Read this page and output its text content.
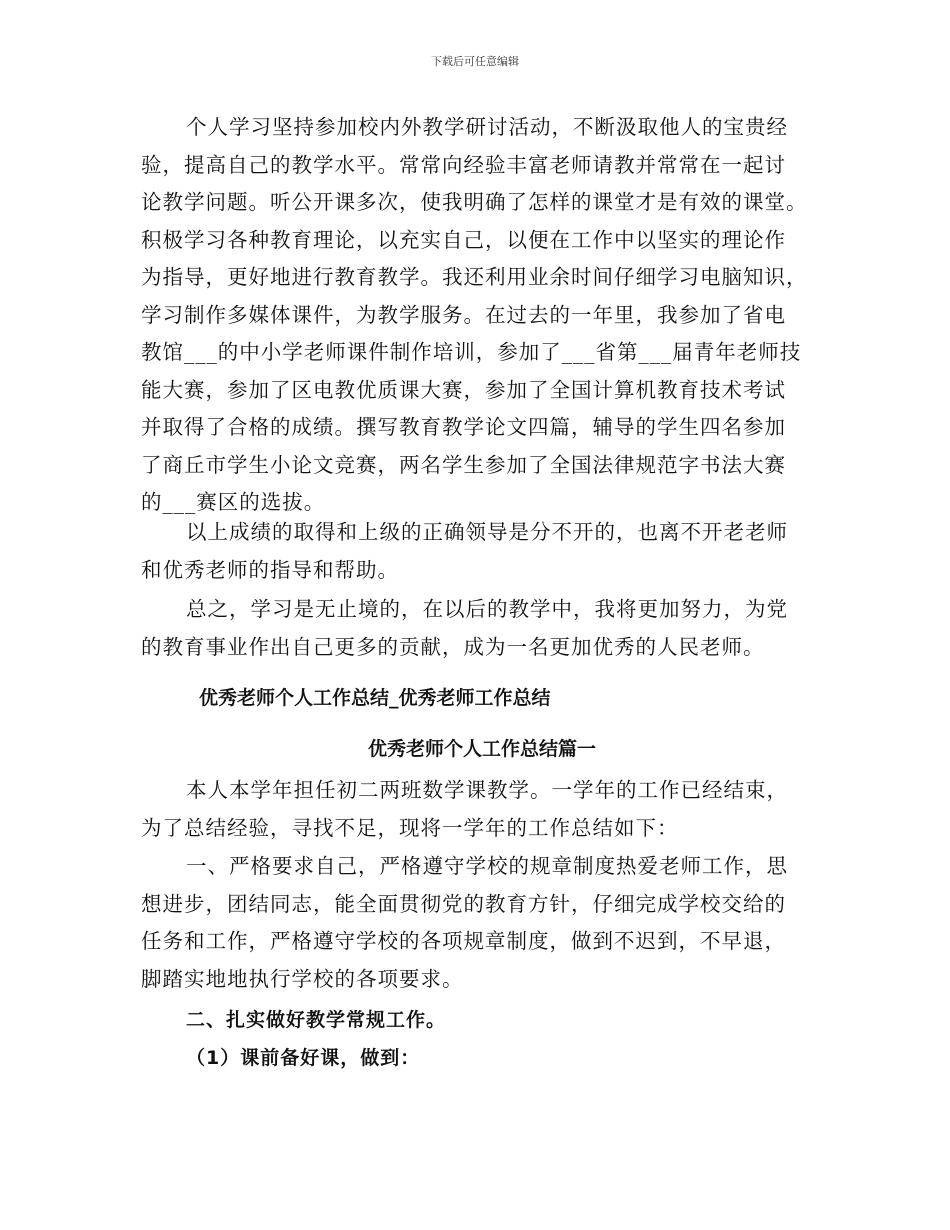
下载后可任意编辑
个人学习坚持参加校内外教学研讨活动，不断汲取他人的宝贵经
验，提高自己的教学水平。常常向经验丰富老师请教并常常在一起讨
论教学问题。听公开课多次，使我明确了怎样的课堂才是有效的课堂。
积极学习各种教育理论，以充实自己，以便在工作中以坚实的理论作
为指导，更好地进行教育教学。我还利用业余时间仔细学习电脑知识，
学习制作多媒体课件，为教学服务。在过去的一年里，我参加了省电
教馆___的中小学老师课件制作培训，参加了___省第___届青年老师技
能大赛，参加了区电教优质课大赛，参加了全国计算机教育技术考试
并取得了合格的成绩。撰写教育教学论文四篇，辅导的学生四名参加
了商丘市学生小论文竞赛，两名学生参加了全国法律规范字书法大赛
的___赛区的选拔。
以上成绩的取得和上级的正确领导是分不开的，也离不开老老师
和优秀老师的指导和帮助。
总之，学习是无止境的，在以后的教学中，我将更加努力，为党
的教育事业作出自己更多的贡献，成为一名更加优秀的人民老师。
优秀老师个人工作总结_优秀老师工作总结
优秀老师个人工作总结篇一
本人本学年担任初二两班数学课教学。一学年的工作已经结束，
为了总结经验，寻找不足，现将一学年的工作总结如下：
一、严格要求自己，严格遵守学校的规章制度热爱老师工作，思
想进步，团结同志，能全面贯彻党的教育方针，仔细完成学校交给的
任务和工作，严格遵守学校的各项规章制度，做到不迟到，不早退，
脚踏实地地执行学校的各项要求。
二、扎实做好教学常规工作。
（1）课前备好课，做到：
